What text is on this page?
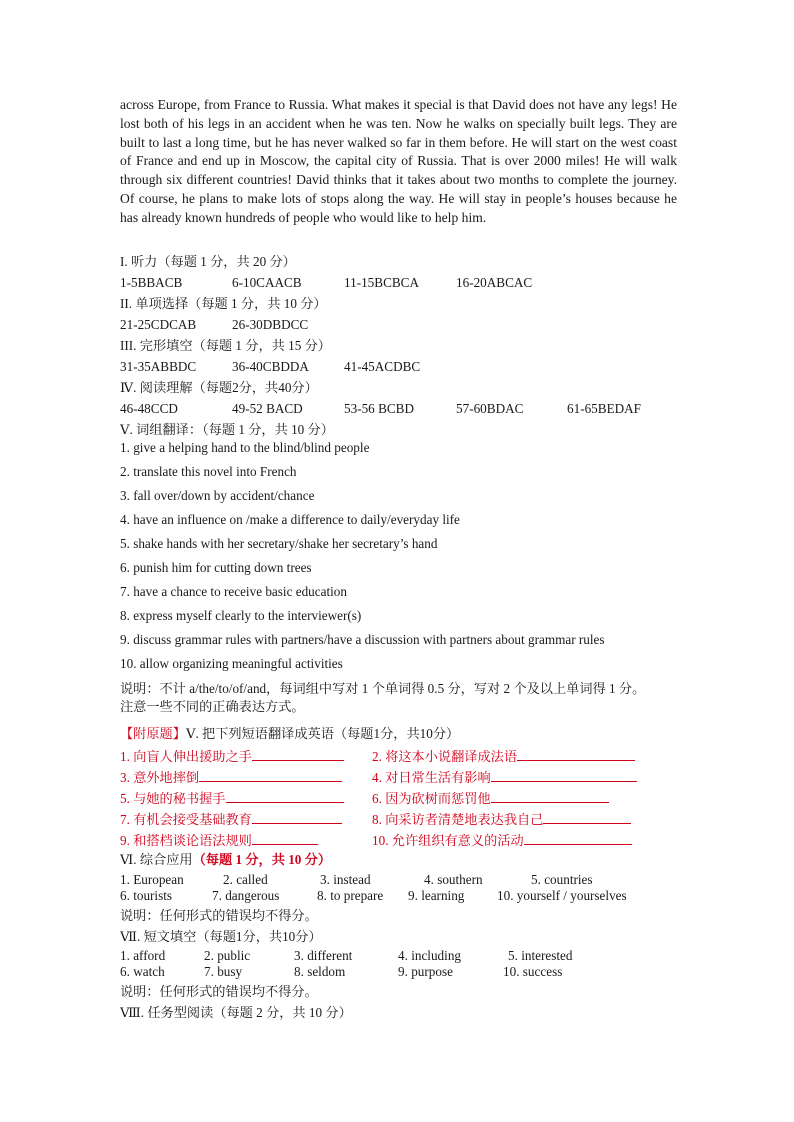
across Europe, from France to Russia. What makes it special is that David does not have any legs! He lost both of his legs in an accident when he was ten. Now he walks on specially built legs. They are built to last a long time, but he has never walked so far in them before. He will start on the west coast of France and end up in Moscow, the capital city of Russia. That is over 2000 miles! He will walk through six different countries! David thinks that it takes about two months to complete the journey. Of course, he plans to make lots of stops along the way. He will stay in people’s houses because he has already known hundreds of people who would like to help him.

I. 听力（每题 1 分，共 20 分）
1-5BBACB	6-10CAACB	11-15BCBCA	16-20ABCAC
II. 单项选择（每题 1 分，共 10 分）
21-25CDCAB	26-30DBDCC
III. 完形填空（每题 1 分，共 15 分）
31-35ABBDC	36-40CBDDA	41-45ACDBC
Ⅳ. 阅读理解（每题2分，共40分）
46-48CCD	49-52 BACD	53-56 BCBD	57-60BDAC	61-65BEDAF
Ⅴ. 词组翻译：（每题 1 分，共 10 分）
1. give a helping hand to the blind/blind people
2. translate this novel into French
3. fall over/down by accident/chance
4. have an influence on /make a difference to daily/everyday life
5. shake hands with her secretary/shake her secretary’s hand
6. punish him for cutting down trees
7. have a chance to receive basic education
8. express myself clearly to the interviewer(s)
9. discuss grammar rules with partners/have a discussion with partners about grammar rules
10. allow organizing meaningful activities
说明：不计 a/the/to/of/and，每词组中写对 1 个单词得 0.5 分，写对 2 个及以上单词得 1 分。
注意一些不同的正确表达方式。
【附原题】Ⅴ. 把下列短语翻译成英语（每题1分，共10分）
1. 向盲人伸出援助之手	2. 将这本小说翻译成法语
3. 意外地摔倒	4. 对日常生活有影响
5. 与她的秘书握手	6. 因为砍树而惩罚他
7. 有机会接受基础教育	8. 向采访者清楚地表达我自己
9. 和搭档谈论语法规则	10. 允许组织有意义的活动
Ⅵ. 综合应用（每题 1 分，共 10 分）
1. European	2. called	3. instead	4. southern	5. countries
6. tourists	7. dangerous	8. to prepare 9. learning 10. yourself / yourselves
说明：任何形式的错误均不得分。
Ⅶ. 短文填空（每题1分，共10分）
1. afford	2. public	3. different	4. including	5. interested
6. watch	7. busy	8. seldom	9. purpose	10. success
说明：任何形式的错误均不得分。
Ⅷ. 任务型阅读（每题 2 分，共 10 分）
